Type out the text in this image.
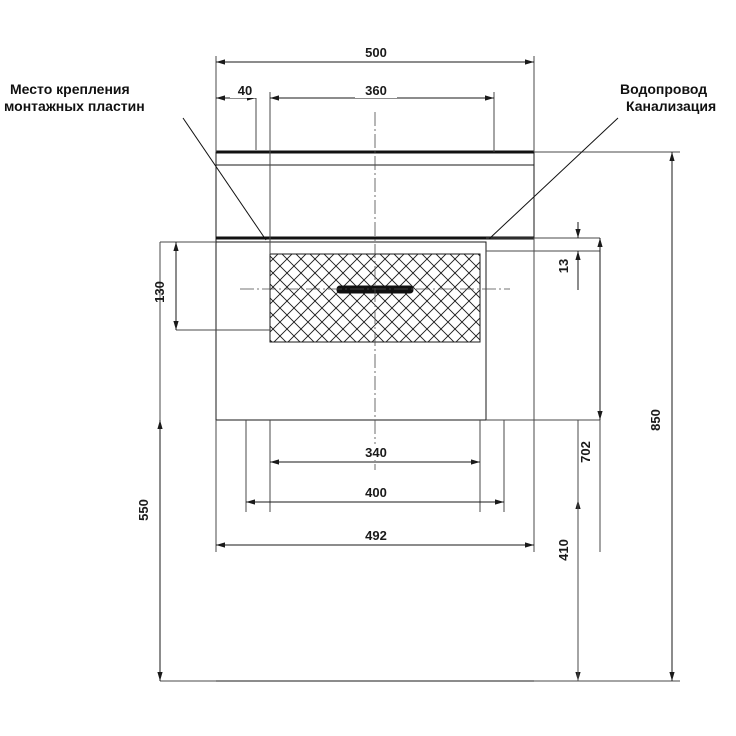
500
40	360
130
550
13
850
702
410
340
400
492
Место крепления
монтажных пластин
Водопровод
Канализация
